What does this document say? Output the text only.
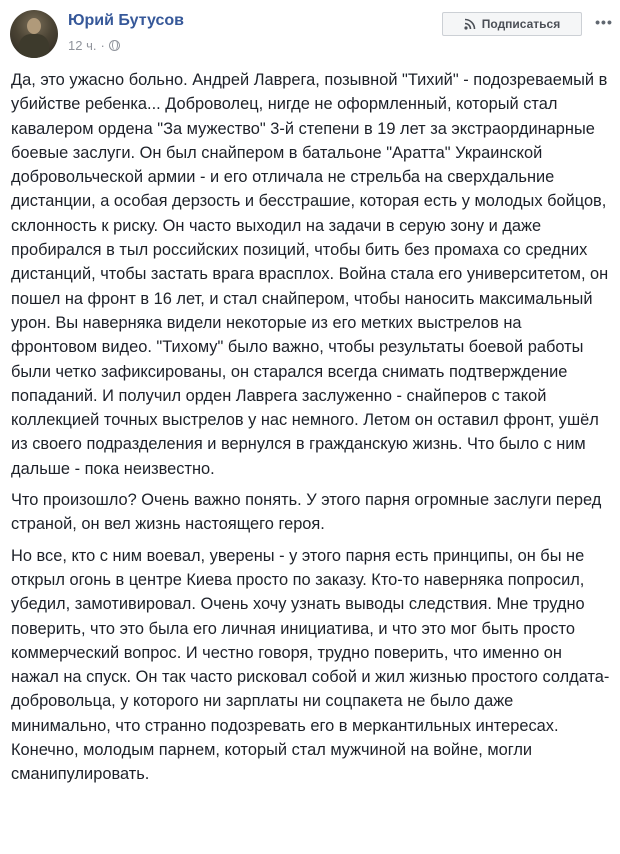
Юрий Бутусов
12 ч. ·
Подписаться •••

Да, это ужасно больно. Андрей Лаврега, позывной "Тихий" - подозреваемый в убийстве ребенка... Доброволец, нигде не оформленный, который стал кавалером ордена "За мужество" 3-й степени в 19 лет за экстраординарные боевые заслуги. Он был снайпером в батальоне "Аратта" Украинской добровольческой армии - и его отличала не стрельба на сверхдальние дистанции, а особая дерзость и бесстрашие, которая есть у молодых бойцов, склонность к риску. Он часто выходил на задачи в серую зону и даже пробирался в тыл российских позиций, чтобы бить без промаха со средних дистанций, чтобы застать врага врасплох. Война стала его университетом, он пошел на фронт в 16 лет, и стал снайпером, чтобы наносить максимальный урон. Вы наверняка видели некоторые из его метких выстрелов на фронтовом видео. "Тихому" было важно, чтобы результаты боевой работы были четко зафиксированы, он старался всегда снимать подтверждение попаданий. И получил орден Лаврега заслуженно - снайперов с такой коллекцией точных выстрелов у нас немного. Летом он оставил фронт, ушёл из своего подразделения и вернулся в гражданскую жизнь. Что было с ним дальше - пока неизвестно.

Что произошло? Очень важно понять. У этого парня огромные заслуги перед страной, он вел жизнь настоящего героя.

Но все, кто с ним воевал, уверены - у этого парня есть принципы, он бы не открыл огонь в центре Киева просто по заказу. Кто-то наверняка попросил, убедил, замотивировал. Очень хочу узнать выводы следствия. Мне трудно поверить, что это была его личная инициатива, и что это мог быть просто коммерческий вопрос. И честно говоря, трудно поверить, что именно он нажал на спуск. Он так часто рисковал собой и жил жизнью простого солдата-добровольца, у которого ни зарплаты ни соцпакета не было даже минимально, что странно подозревать его в меркантильных интересах. Конечно, молодым парнем, который стал мужчиной на войне, могли сманипулировать.
